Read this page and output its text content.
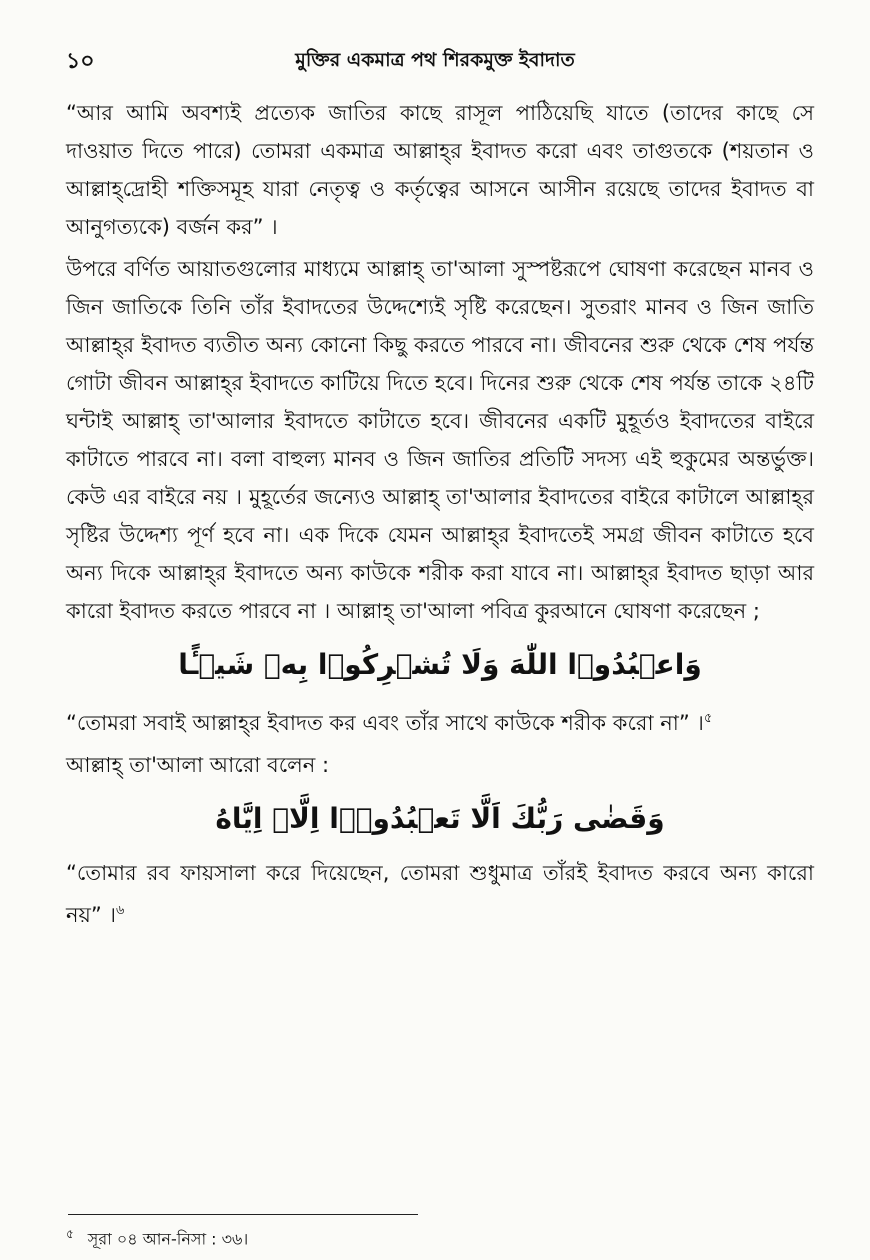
১০	মুক্তির একমাত্র পথ শিরকমুক্ত ইবাদাত

“আর আমি অবশ্যই প্রত্যেক জাতির কাছে রাসূল পাঠিয়েছি যাতে (তাদের কাছে সে দাওয়াত দিতে পারে) তোমরা একমাত্র আল্লাহ্‌র ইবাদত করো এবং তাগুতকে (শয়তান ও আল্লাহ্‌দ্রোহী শক্তিসমূহ যারা নেতৃত্ব ও কর্তৃত্বের আসনে আসীন রয়েছে তাদের ইবাদত বা আনুগত্যকে) বর্জন কর” ।

উপরে বর্ণিত আয়াতগুলোর মাধ্যমে আল্লাহ্‌ তা'আলা সুস্পষ্টরূপে ঘোষণা করেছেন মানব ও জিন জাতিকে তিনি তাঁর ইবাদতের উদ্দেশ্যেই সৃষ্টি করেছেন। সুতরাং মানব ও জিন জাতি আল্লাহ্‌র ইবাদত ব্যতীত অন্য কোনো কিছু করতে পারবে না। জীবনের শুরু থেকে শেষ পর্যন্ত গোটা জীবন আল্লাহ্‌র ইবাদতে কাটিয়ে দিতে হবে। দিনের শুরু থেকে শেষ পর্যন্ত তাকে ২৪টি ঘন্টাই আল্লাহ্‌ তা'আলার ইবাদতে কাটাতে হবে। জীবনের একটি মুহূর্তও ইবাদতের বাইরে কাটাতে পারবে না। বলা বাহুল্য মানব ও জিন জাতির প্রতিটি সদস্য এই হুকুমের অন্তর্ভুক্ত। কেউ এর বাইরে নয় । মুহূর্তের জন্যেও আল্লাহ্‌ তা'আলার ইবাদতের বাইরে কাটালে আল্লাহ্‌র সৃষ্টির উদ্দেশ্য পূর্ণ হবে না। এক দিকে যেমন আল্লাহ্‌র ইবাদতেই সমগ্র জীবন কাটাতে হবে অন্য দিকে আল্লাহ্‌র ইবাদতে অন্য কাউকে শরীক করা যাবে না। আল্লাহ্‌র ইবাদত ছাড়া আর কারো ইবাদত করতে পারবে না । আল্লাহ্‌ তা'আলা পবিত্র কুরআনে ঘোষণা করেছেন ;

وَاعۡبُدُوۡا اللّٰهَ وَلَا تُشۡرِكُوۡا بِهٖ شَيۡـًٔا

“তোমরা সবাই আল্লাহ্‌র ইবাদত কর এবং তাঁর সাথে কাউকে শরীক করো না” ।$^৫$

আল্লাহ্‌ তা'আলা আরো বলেন :

وَقَضٰى رَبُّكَ اَلَّا تَعۡبُدُوۡۤا اِلَّاۤ اِيَّاهُ

“তোমার রব ফায়সালা করে দিয়েছেন, তোমরা শুধুমাত্র তাঁরই ইবাদত করবে অন্য কারো নয়” ।$^৬$

$^৫$ সূরা ০৪ আন-নিসা : ৩৬।
